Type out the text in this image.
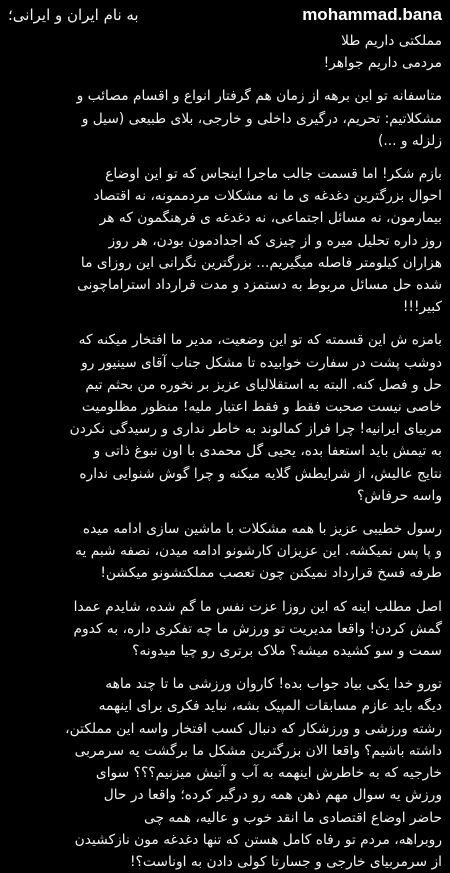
mohammad.bana
به نام ایران و ایرانی؛
مملکتی داریم طلا
مردمی داریم جواهر!
متاسفانه تو این برهه از زمان هم گرفتار انواع و اقسام مصائب و
مشکلاتیم: تحریم، درگیری داخلی و خارجی، بلای طبیعی (سیل و
زلزله و ...)
بازم شکر! اما قسمت جالب ماجرا اینجاس که تو این اوضاع
احوال بزرگترین دغدغه ی ما نه مشکلات مردممونه، نه اقتصاد
بیمارمون، نه مسائل اجتماعی، نه دغدغه ی فرهنگمون که هر
روز داره تحلیل میره و از چیزی که اجدادمون بودن، هر روز
هزاران کیلومتر فاصله میگیریم... بزرگترین نگرانی این روزای ما
شده حل مسائل مربوط به دستمزد و مدت قرارداد استراماچونی
کبیر!!!
بامزه ش این قسمته که تو این وضعیت، مدیر ما افتخار میکنه که
دوشب پشت در سفارت خوابیده تا مشکل جناب آقای سینیور رو
حل و فصل کنه. البته به استقلالیای عزیز بر نخوره من بحثم تیم
خاصی نیست صحبت فقط و فقط اعتبار ملیه! منظور مظلومیت
مربیای ایرانیه! چرا فراز کمالوند به خاطر نداری و رسیدگی نکردن
به تیمش باید استعفا بده، یحیی گل محمدی با اون نبوغ ذاتی و
نتایج عالیش، از شرایطش گلایه میکنه و چرا گوش شنوایی نداره
واسه حرفاش؟
رسول خطیبی عزیز با همه مشکلات با ماشین سازی ادامه میده
و پا پس نمیکشه. این عزیزان کارشونو ادامه میدن، نصفه شبم یه
طرفه فسخ قرارداد نمیکنن چون تعصب مملکتشونو میکشن!
اصل مطلب اینه که این روزا عزت نفس ما گم شده، شایدم عمدا
گمش کردن! واقعا مدیریت تو ورزش ما چه تفکری داره، به کدوم
سمت و سو کشیده میشه؟ ملاک برتری رو چیا میدونه؟
تورو خدا یکی بیاد جواب بده! کاروان ورزشی ما تا چند ماهه
دیگه باید عازم مسابقات المپیک بشه، نباید فکری برای اینهمه
رشته ورزشی و ورزشکار که دنبال کسب افتخار واسه این مملکتن،
داشته باشیم؟ واقعا الان بزرگترین مشکل ما برگشت یه سرمربی
خارجیه که به خاطرش اینهمه به آب و آتیش میزنیم؟؟؟ سوای
ورزش یه سوال مهم ذهن همه رو درگیر کرده؛ واقعا در حال
حاضر اوضاع اقتصادی ما انقد خوب و عالیه، همه چی
روبراهه، مردم تو رفاه کامل هستن که تنها دغدغه مون نازکشیدن
از سرمربیای خارجی و جسارتا کولی دادن به اوناست؟!
